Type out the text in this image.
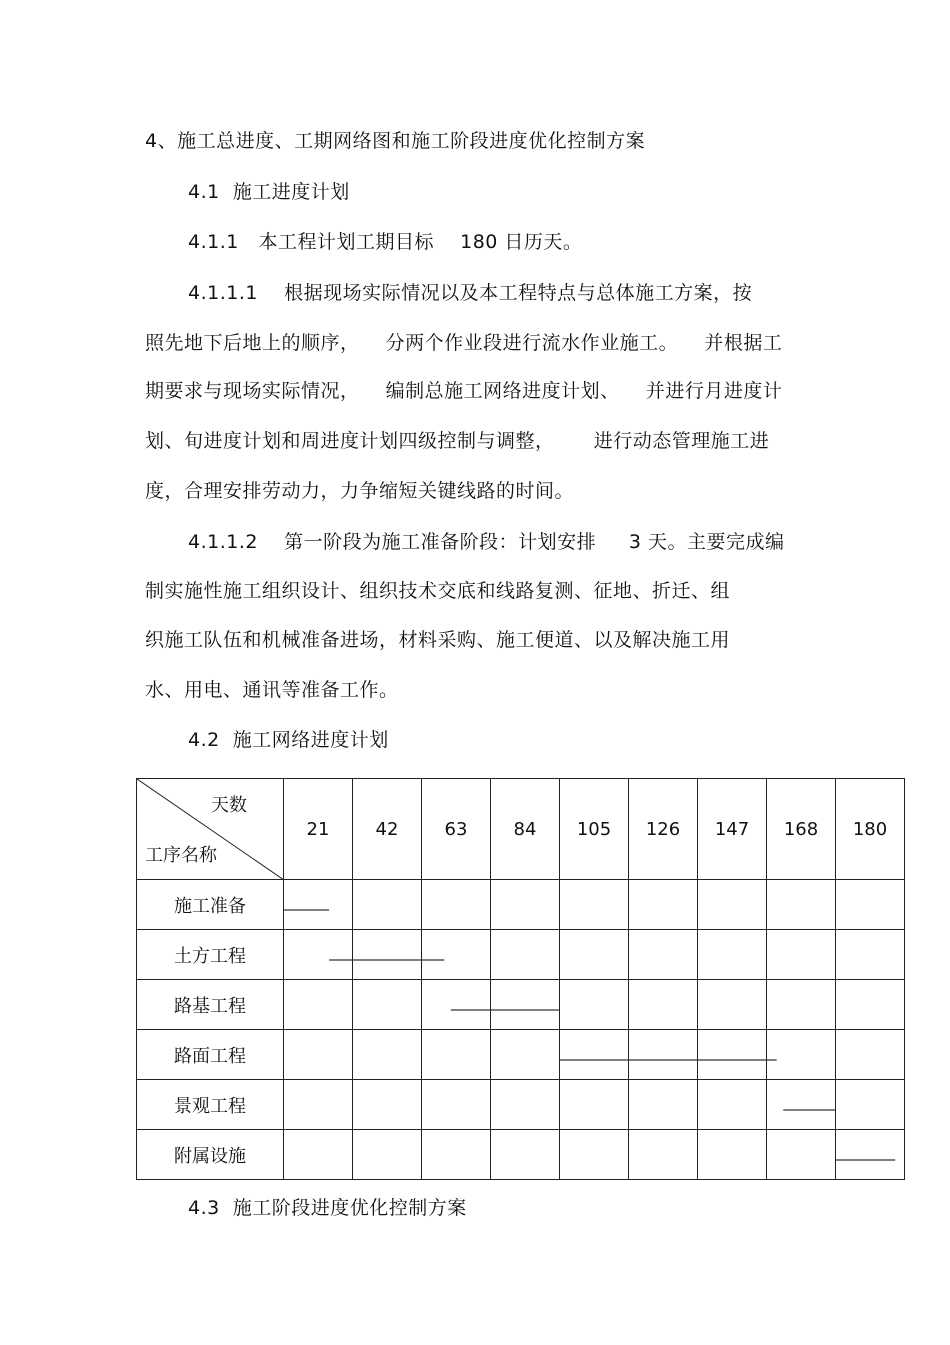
4、施工总进度、工期网络图和施工阶段进度优化控制方案
4.1  施工进度计划
4.1.1   本工程计划工期目标    180 日历天。
4.1.1.1    根据现场实际情况以及本工程特点与总体施工方案，按
照先地下后地上的顺序，    分两个作业段进行流水作业施工。    并根据工
期要求与现场实际情况，    编制总施工网络进度计划、    并进行月进度计
划、旬进度计划和周进度计划四级控制与调整，      进行动态管理施工进
度，合理安排劳动力，力争缩短关键线路的时间。
4.1.1.2    第一阶段为施工准备阶段：计划安排     3 天。主要完成编
制实施性施工组织设计、组织技术交底和线路复测、征地、折迁、组
织施工队伍和机械准备进场，材料采购、施工便道、以及解决施工用
水、用电、通讯等准备工作。
4.2  施工网络进度计划
天数
工序名称	21	42	63	84	105	126	147	168	180
施工准备									
土方工程									
路基工程									
路面工程									
景观工程									
附属设施									
4.3  施工阶段进度优化控制方案
